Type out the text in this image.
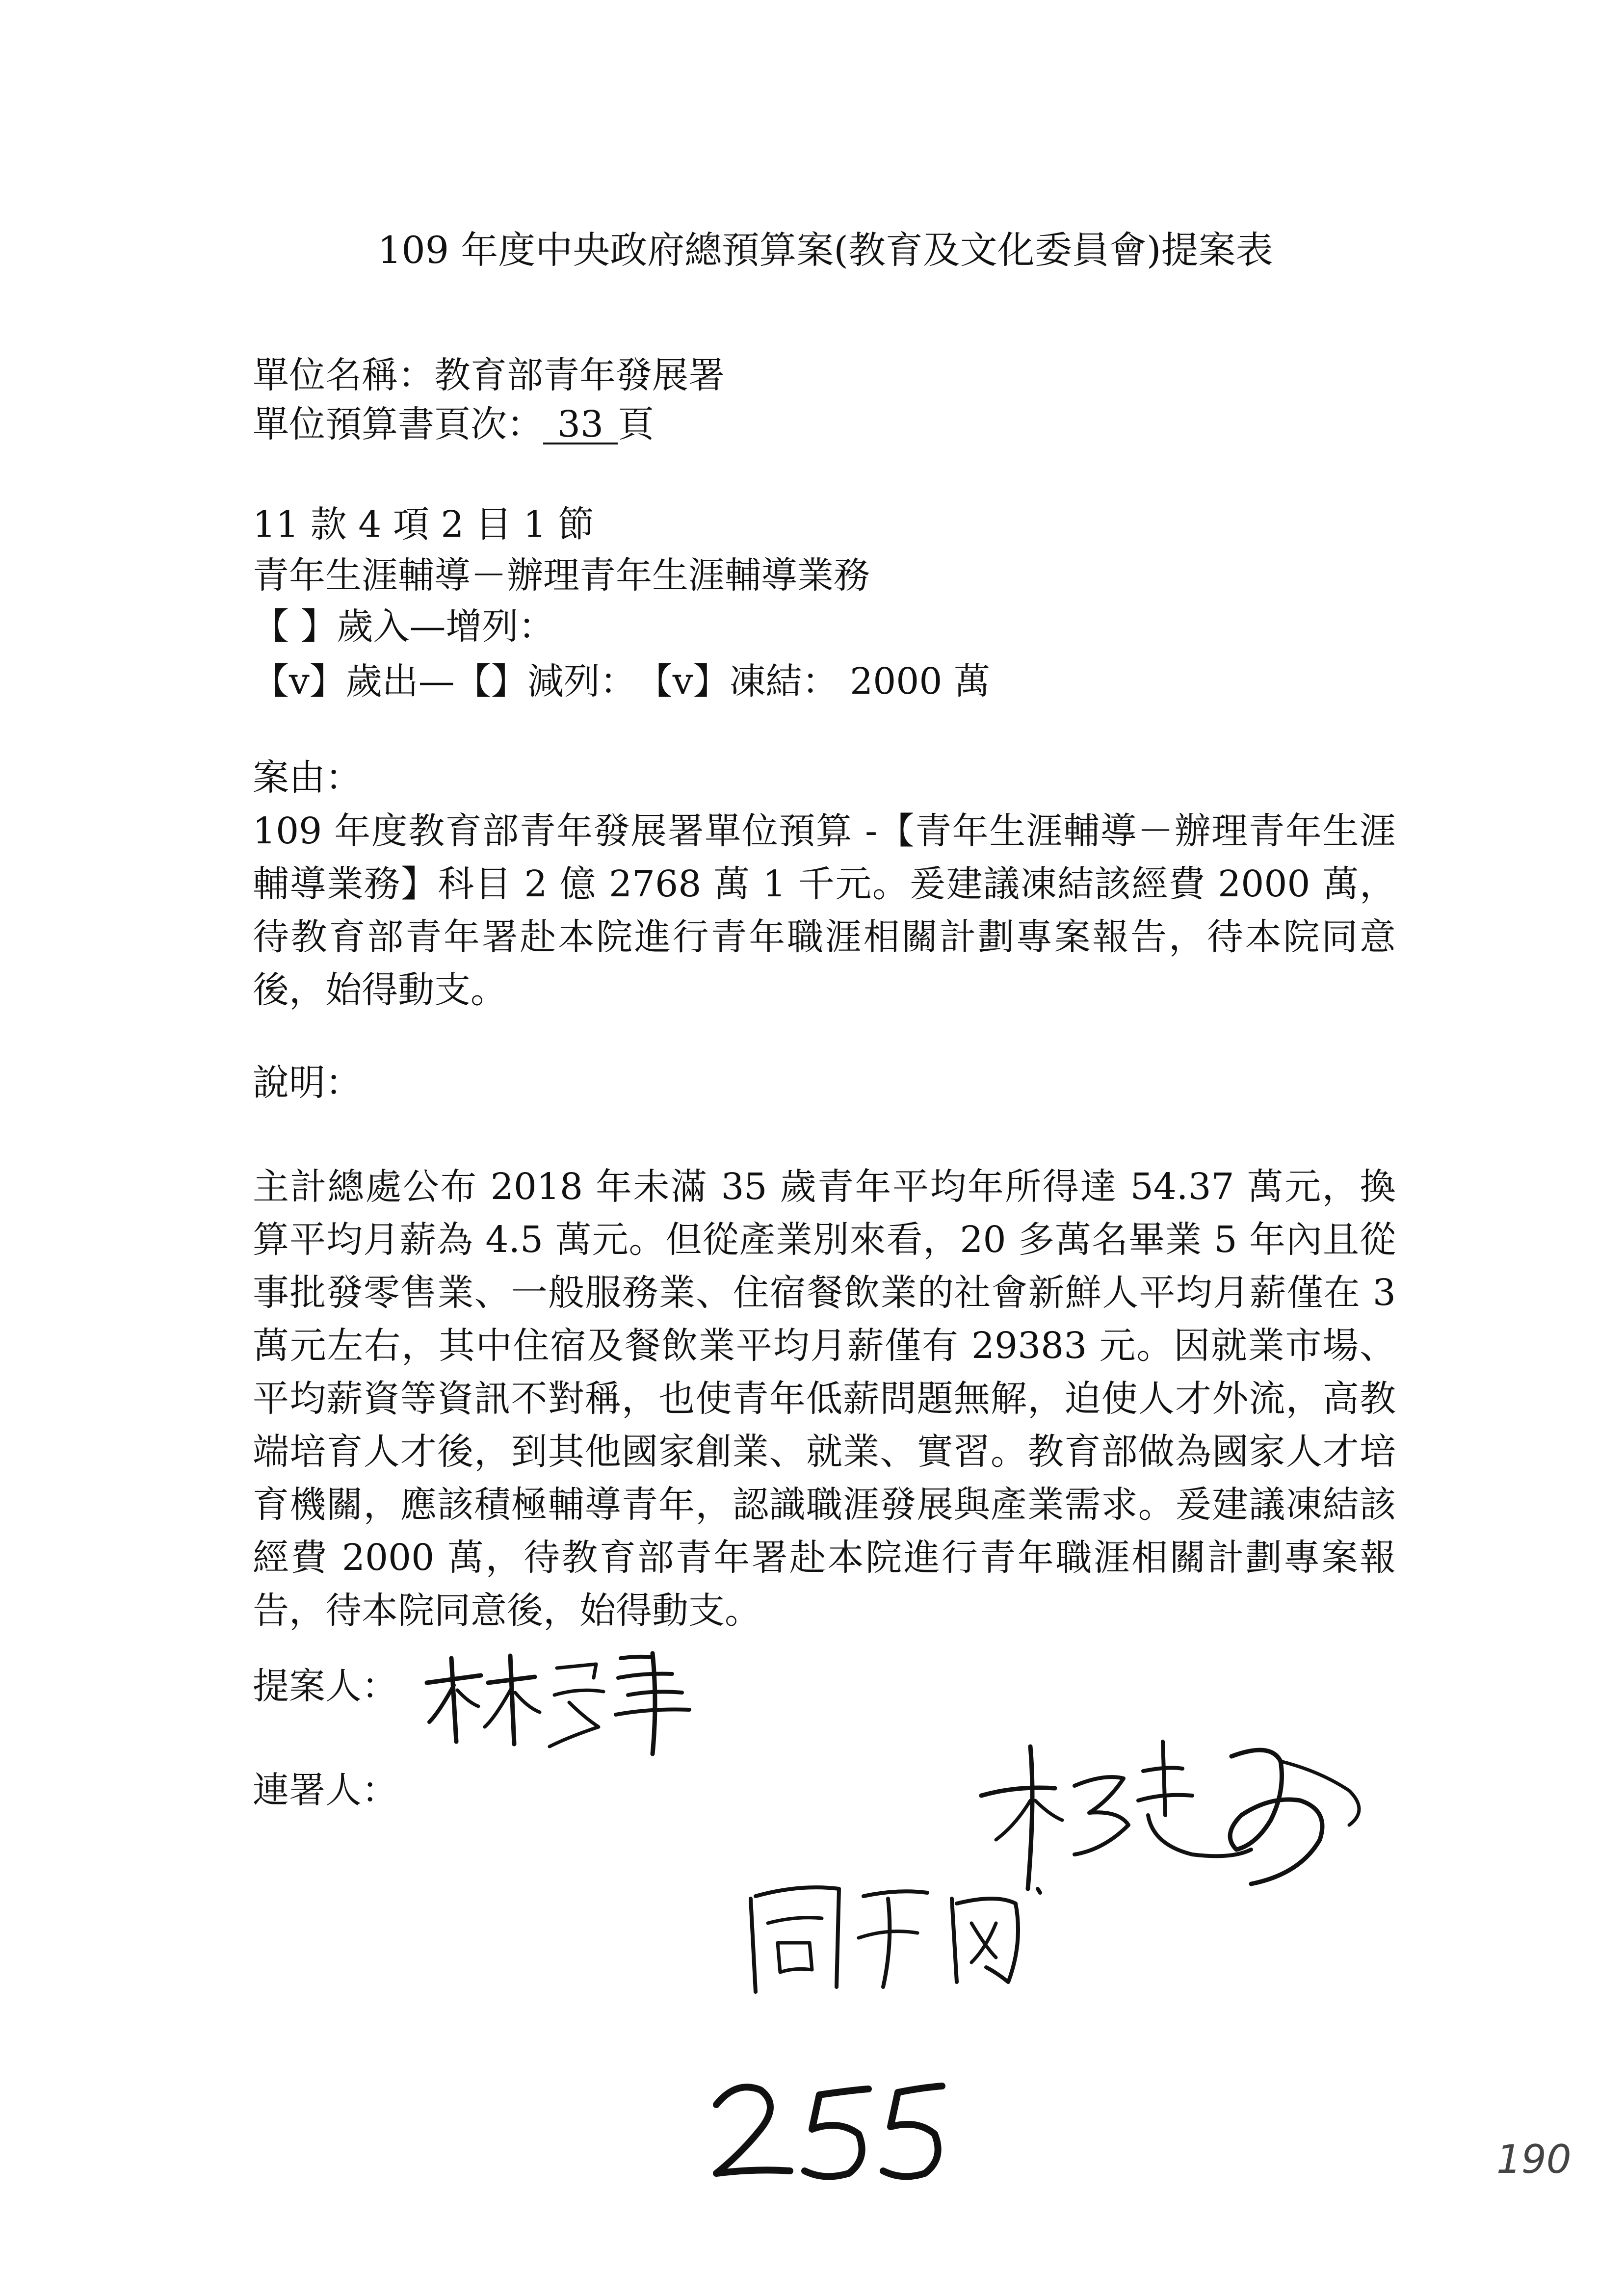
109 年度中央政府總預算案(教育及文化委員會)提案表
單位名稱：教育部青年發展署
單位預算書頁次： 33 頁
11 款 4 項 2 目 1 節
青年生涯輔導－辦理青年生涯輔導業務
【 】歲入—增列：
【v】歲出—【】減列：　【v】凍結： 2000 萬
案由：
109 年度教育部青年發展署單位預算 -【青年生涯輔導－辦理青年生涯輔導業務】科目 2 億 2768 萬 1 千元。爰建議凍結該經費 2000 萬，待教育部青年署赴本院進行青年職涯相關計劃專案報告，待本院同意後，始得動支。
說明：
主計總處公布 2018 年未滿 35 歲青年平均年所得達 54.37 萬元，換算平均月薪為 4.5 萬元。但從產業別來看，20 多萬名畢業 5 年內且從事批發零售業、一般服務業、住宿餐飲業的社會新鮮人平均月薪僅在 3 萬元左右，其中住宿及餐飲業平均月薪僅有 29383 元。因就業市場、平均薪資等資訊不對稱，也使青年低薪問題無解，迫使人才外流，高教端培育人才後，到其他國家創業、就業、實習。教育部做為國家人才培育機關，應該積極輔導青年，認識職涯發展與產業需求。爰建議凍結該經費 2000 萬，待教育部青年署赴本院進行青年職涯相關計劃專案報告，待本院同意後，始得動支。
提案人：
連署人：
190
